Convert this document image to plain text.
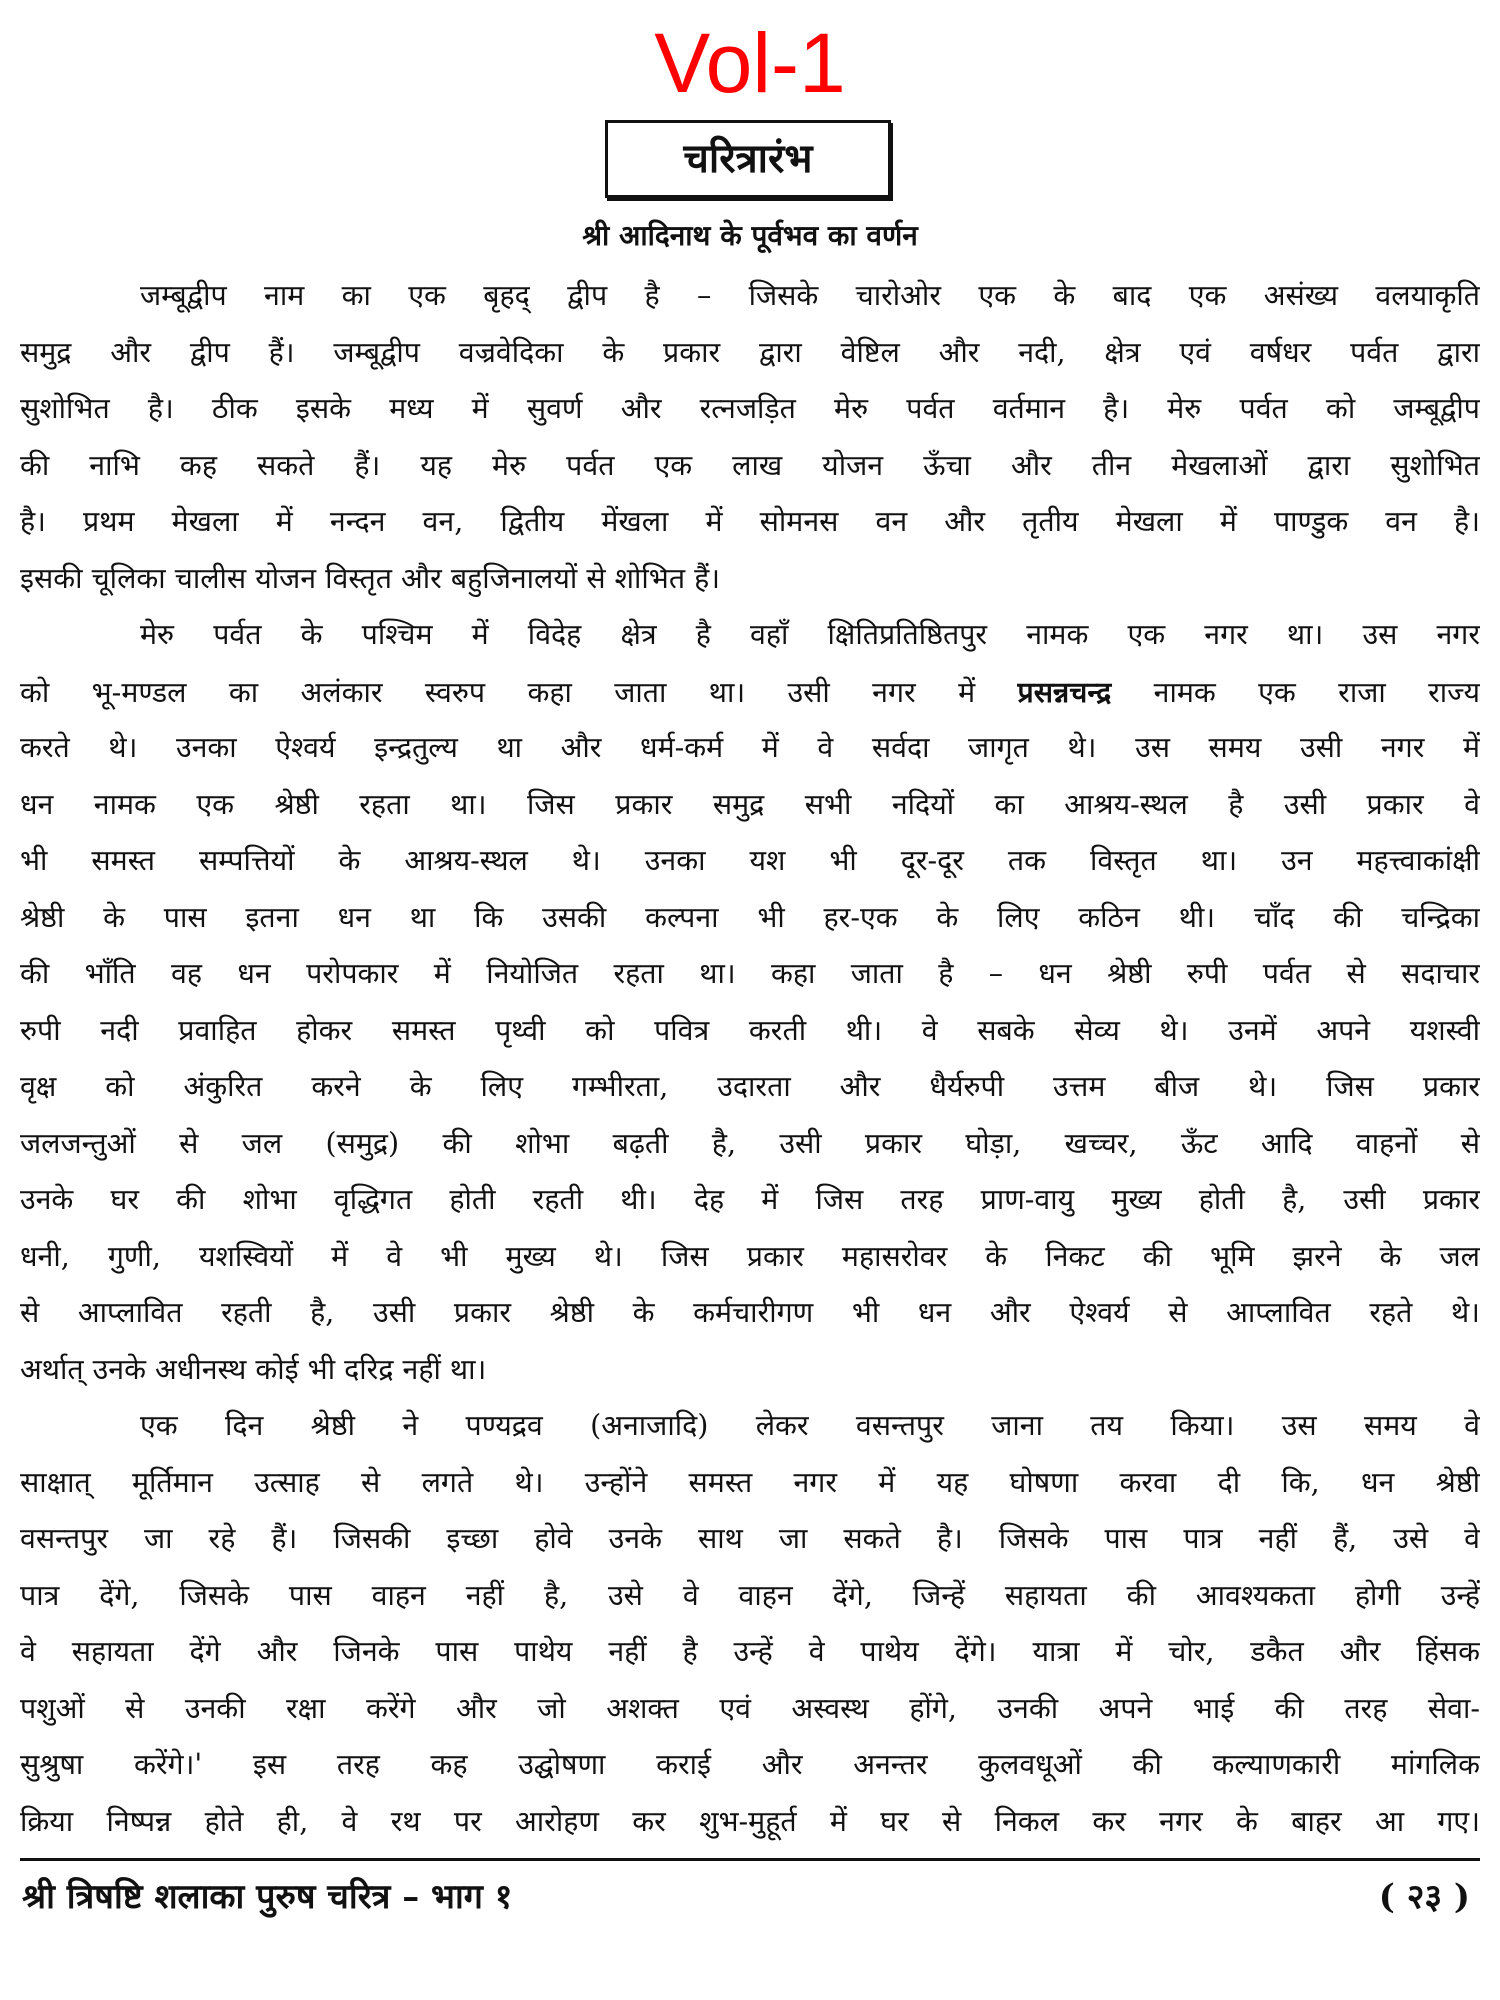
Vol-1
चरित्रारंभ
श्री आदिनाथ के पूर्वभव का वर्णन
जम्बूद्वीप नाम का एक बृहद् द्वीप है – जिसके चारोओर एक के बाद एक असंख्य वलयाकृति
समुद्र और द्वीप हैं। जम्बूद्वीप वज्रवेदिका के प्रकार द्वारा वेष्टिल और नदी, क्षेत्र एवं वर्षधर पर्वत द्वारा
सुशोभित है। ठीक इसके मध्य में सुवर्ण और रत्नजड़ित मेरु पर्वत वर्तमान है। मेरु पर्वत को जम्बूद्वीप
की नाभि कह सकते हैं। यह मेरु पर्वत एक लाख योजन ऊँचा और तीन मेखलाओं द्वारा सुशोभित
है। प्रथम मेखला में नन्दन वन, द्वितीय मेंखला में सोमनस वन और तृतीय मेखला में पाण्डुक वन है।
इसकी चूलिका चालीस योजन विस्तृत और बहुजिनालयों से शोभित हैं।
मेरु पर्वत के पश्चिम में विदेह क्षेत्र है वहाँ क्षितिप्रतिष्ठितपुर नामक एक नगर था। उस नगर
को भू-मण्डल का अलंकार स्वरुप कहा जाता था। उसी नगर में प्रसन्नचन्द्र नामक एक राजा राज्य
करते थे। उनका ऐश्वर्य इन्द्रतुल्य था और धर्म-कर्म में वे सर्वदा जागृत थे। उस समय उसी नगर में
धन नामक एक श्रेष्ठी रहता था। जिस प्रकार समुद्र सभी नदियों का आश्रय-स्थल है उसी प्रकार वे
भी समस्त सम्पत्तियों के आश्रय-स्थल थे। उनका यश भी दूर-दूर तक विस्तृत था। उन महत्त्वाकांक्षी
श्रेष्ठी के पास इतना धन था कि उसकी कल्पना भी हर-एक के लिए कठिन थी। चाँद की चन्द्रिका
की भाँति वह धन परोपकार में नियोजित रहता था। कहा जाता है – धन श्रेष्ठी रुपी पर्वत से सदाचार
रुपी नदी प्रवाहित होकर समस्त पृथ्वी को पवित्र करती थी। वे सबके सेव्य थे। उनमें अपने यशस्वी
वृक्ष को अंकुरित करने के लिए गम्भीरता, उदारता और धैर्यरुपी उत्तम बीज थे। जिस प्रकार
जलजन्तुओं से जल (समुद्र) की शोभा बढ़ती है, उसी प्रकार घोड़ा, खच्चर, ऊँट आदि वाहनों से
उनके घर की शोभा वृद्धिगत होती रहती थी। देह में जिस तरह प्राण-वायु मुख्य होती है, उसी प्रकार
धनी, गुणी, यशस्वियों में वे भी मुख्य थे। जिस प्रकार महासरोवर के निकट की भूमि झरने के जल
से आप्लावित रहती है, उसी प्रकार श्रेष्ठी के कर्मचारीगण भी धन और ऐश्वर्य से आप्लावित रहते थे।
अर्थात् उनके अधीनस्थ कोई भी दरिद्र नहीं था।
एक दिन श्रेष्ठी ने पण्यद्रव (अनाजादि) लेकर वसन्तपुर जाना तय किया। उस समय वे
साक्षात् मूर्तिमान उत्साह से लगते थे। उन्होंने समस्त नगर में यह घोषणा करवा दी कि, धन श्रेष्ठी
वसन्तपुर जा रहे हैं। जिसकी इच्छा होवे उनके साथ जा सकते है। जिसके पास पात्र नहीं हैं, उसे वे
पात्र देंगे, जिसके पास वाहन नहीं है, उसे वे वाहन देंगे, जिन्हें सहायता की आवश्यकता होगी उन्हें
वे सहायता देंगे और जिनके पास पाथेय नहीं है उन्हें वे पाथेय देंगे। यात्रा में चोर, डकैत और हिंसक
पशुओं से उनकी रक्षा करेंगे और जो अशक्त एवं अस्वस्थ होंगे, उनकी अपने भाई की तरह सेवा-
सुश्रुषा करेंगे।' इस तरह कह उद्घोषणा कराई और अनन्तर कुलवधूओं की कल्याणकारी मांगलिक
क्रिया निष्पन्न होते ही, वे रथ पर आरोहण कर शुभ-मुहूर्त में घर से निकल कर नगर के बाहर आ गए।
श्री त्रिषष्टि शलाका पुरुष चरित्र – भाग १	( २३ )
